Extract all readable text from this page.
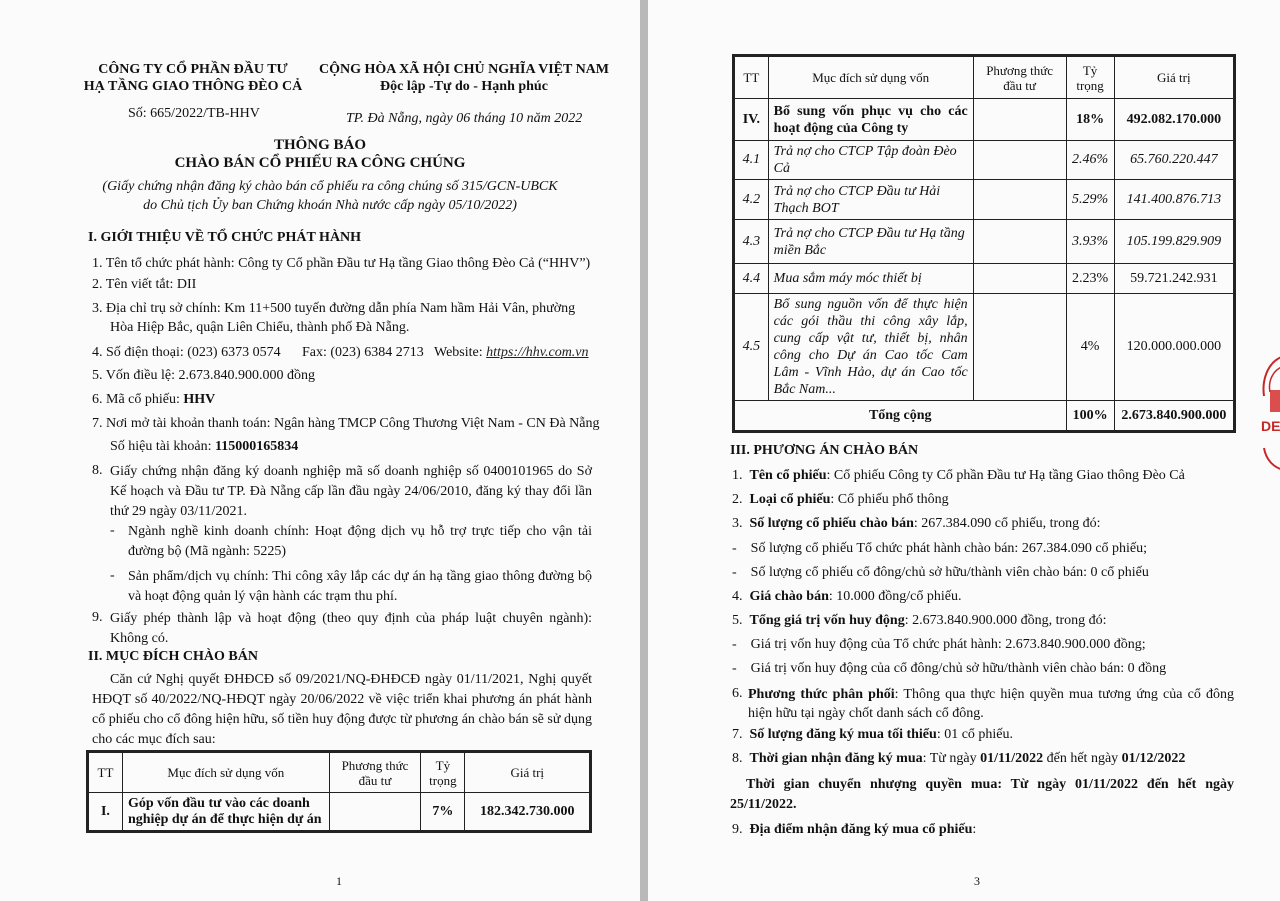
CÔNG TY CỔ PHẦN ĐẦU TƯ
HẠ TẦNG GIAO THÔNG ĐÈO CẢ
CỘNG HÒA XÃ HỘI CHỦ NGHĨA VIỆT NAM
Độc lập -Tự do - Hạnh phúc
Số: 665/2022/TB-HHV	TP. Đà Nẵng, ngày 06 tháng 10 năm 2022
THÔNG BÁO
CHÀO BÁN CỔ PHIẾU RA CÔNG CHÚNG
(Giấy chứng nhận đăng ký chào bán cổ phiếu ra công chúng số 315/GCN-UBCK
do Chủ tịch Ủy ban Chứng khoán Nhà nước cấp ngày 05/10/2022)
I. GIỚI THIỆU VỀ TỔ CHỨC PHÁT HÀNH
1. Tên tổ chức phát hành: Công ty Cổ phần Đầu tư Hạ tầng Giao thông Đèo Cả (“HHV”)
2. Tên viết tắt: DII
3. Địa chỉ trụ sở chính: Km 11+500 tuyến đường dẫn phía Nam hầm Hải Vân, phường
Hòa Hiệp Bắc, quận Liên Chiểu, thành phố Đà Nẵng.
4. Số điện thoại: (023) 6373 0574 Fax: (023) 6384 2713 Website: https://hhv.com.vn
5. Vốn điều lệ: 2.673.840.900.000 đồng
6. Mã cổ phiếu: HHV
7. Nơi mở tài khoản thanh toán: Ngân hàng TMCP Công Thương Việt Nam - CN Đà Nẵng
Số hiệu tài khoản: 115000165834
8. Giấy chứng nhận đăng ký doanh nghiệp mã số doanh nghiệp số 0400101965 do Sở Kế hoạch và Đầu tư TP. Đà Nẵng cấp lần đầu ngày 24/06/2010, đăng ký thay đổi lần thứ 29 ngày 03/11/2021.
- Ngành nghề kinh doanh chính: Hoạt động dịch vụ hỗ trợ trực tiếp cho vận tải đường bộ (Mã ngành: 5225)
- Sản phẩm/dịch vụ chính: Thi công xây lắp các dự án hạ tầng giao thông đường bộ và hoạt động quản lý vận hành các trạm thu phí.
9. Giấy phép thành lập và hoạt động (theo quy định của pháp luật chuyên ngành): Không có.
II. MỤC ĐÍCH CHÀO BÁN
Căn cứ Nghị quyết ĐHĐCĐ số 09/2021/NQ-ĐHĐCĐ ngày 01/11/2021, Nghị quyết HĐQT số 40/2022/NQ-HĐQT ngày 20/06/2022 về việc triển khai phương án phát hành cổ phiếu cho cổ đông hiện hữu, số tiền huy động được từ phương án chào bán sẽ sử dụng cho các mục đích sau:
TT	Mục đích sử dụng vốn	Phương thức đầu tư	Tỷ trọng	Giá trị
I.	Góp vốn đầu tư vào các doanh nghiệp dự án để thực hiện dự án		7%	182.342.730.000
1
TT	Mục đích sử dụng vốn	Phương thức đầu tư	Tỷ trọng	Giá trị
IV.	Bổ sung vốn phục vụ cho các hoạt động của Công ty		18%	492.082.170.000
4.1	Trả nợ cho CTCP Tập đoàn Đèo Cả		2.46%	65.760.220.447
4.2	Trả nợ cho CTCP Đầu tư Hải Thạch BOT		5.29%	141.400.876.713
4.3	Trả nợ cho CTCP Đầu tư Hạ tầng miền Bắc		3.93%	105.199.829.909
4.4	Mua sắm máy móc thiết bị		2.23%	59.721.242.931
4.5	Bổ sung nguồn vốn để thực hiện các gói thầu thi công xây lắp, cung cấp vật tư, thiết bị, nhân công cho Dự án Cao tốc Cam Lâm - Vĩnh Hảo, dự án Cao tốc Bắc Nam...		4%	120.000.000.000
Tổng cộng			100%	2.673.840.900.000
III. PHƯƠNG ÁN CHÀO BÁN
1.  Tên cổ phiếu: Cổ phiếu Công ty Cổ phần Đầu tư Hạ tầng Giao thông Đèo Cả
2.  Loại cổ phiếu: Cổ phiếu phổ thông
3.  Số lượng cổ phiếu chào bán: 267.384.090 cổ phiếu, trong đó:
-    Số lượng cổ phiếu Tổ chức phát hành chào bán: 267.384.090 cổ phiếu;
-    Số lượng cổ phiếu cổ đông/chủ sở hữu/thành viên chào bán: 0 cổ phiếu
4.  Giá chào bán: 10.000 đồng/cổ phiếu.
5.  Tổng giá trị vốn huy động: 2.673.840.900.000 đồng, trong đó:
-    Giá trị vốn huy động của Tổ chức phát hành: 2.673.840.900.000 đồng;
-    Giá trị vốn huy động của cổ đông/chủ sở hữu/thành viên chào bán: 0 đồng
6. Phương thức phân phối: Thông qua thực hiện quyền mua tương ứng của cổ đông hiện hữu tại ngày chốt danh sách cổ đông.
7.  Số lượng đăng ký mua tối thiểu: 01 cổ phiếu.
8.  Thời gian nhận đăng ký mua: Từ ngày 01/11/2022 đến hết ngày 01/12/2022
Thời gian chuyển nhượng quyền mua: Từ ngày 01/11/2022 đến hết ngày 25/11/2022.
9.  Địa điểm nhận đăng ký mua cổ phiếu:
3
DE
